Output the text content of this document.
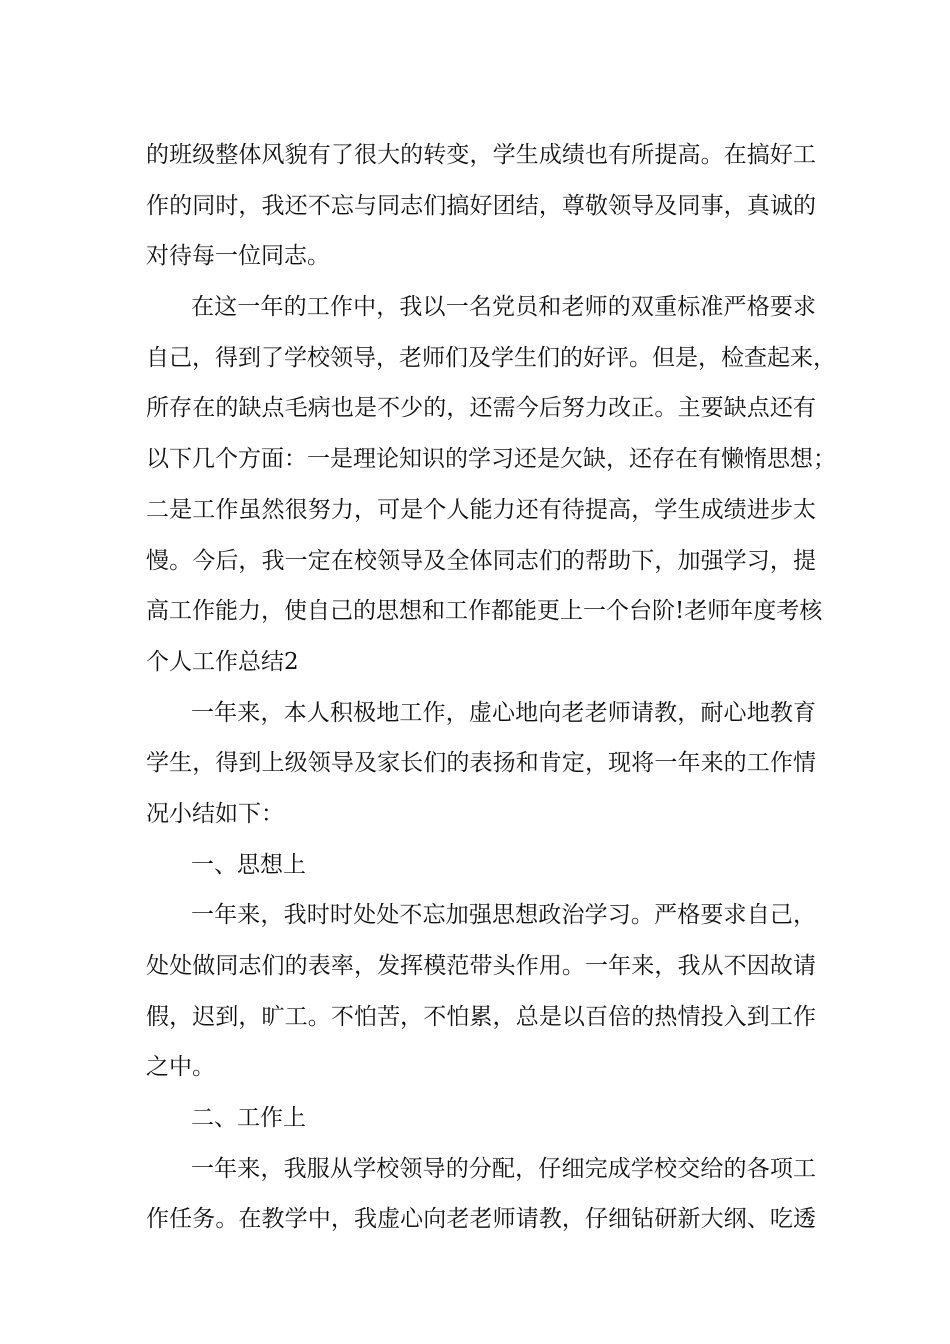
的班级整体风貌有了很大的转变，学生成绩也有所提高。在搞好工
作的同时，我还不忘与同志们搞好团结，尊敬领导及同事，真诚的
对待每一位同志。
在这一年的工作中，我以一名党员和老师的双重标准严格要求
自己，得到了学校领导，老师们及学生们的好评。但是，检查起来，
所存在的缺点毛病也是不少的，还需今后努力改正。主要缺点还有
以下几个方面：一是理论知识的学习还是欠缺，还存在有懒惰思想；
二是工作虽然很努力，可是个人能力还有待提高，学生成绩进步太
慢。今后，我一定在校领导及全体同志们的帮助下，加强学习，提
高工作能力，使自己的思想和工作都能更上一个台阶!老师年度考核
个人工作总结2
一年来，本人积极地工作，虚心地向老老师请教，耐心地教育
学生，得到上级领导及家长们的表扬和肯定，现将一年来的工作情
况小结如下：
一、思想上
一年来，我时时处处不忘加强思想政治学习。严格要求自己，
处处做同志们的表率，发挥模范带头作用。一年来，我从不因故请
假，迟到，旷工。不怕苦，不怕累，总是以百倍的热情投入到工作
之中。
二、工作上
一年来，我服从学校领导的分配，仔细完成学校交给的各项工
作任务。在教学中，我虚心向老老师请教，仔细钻研新大纲、吃透
